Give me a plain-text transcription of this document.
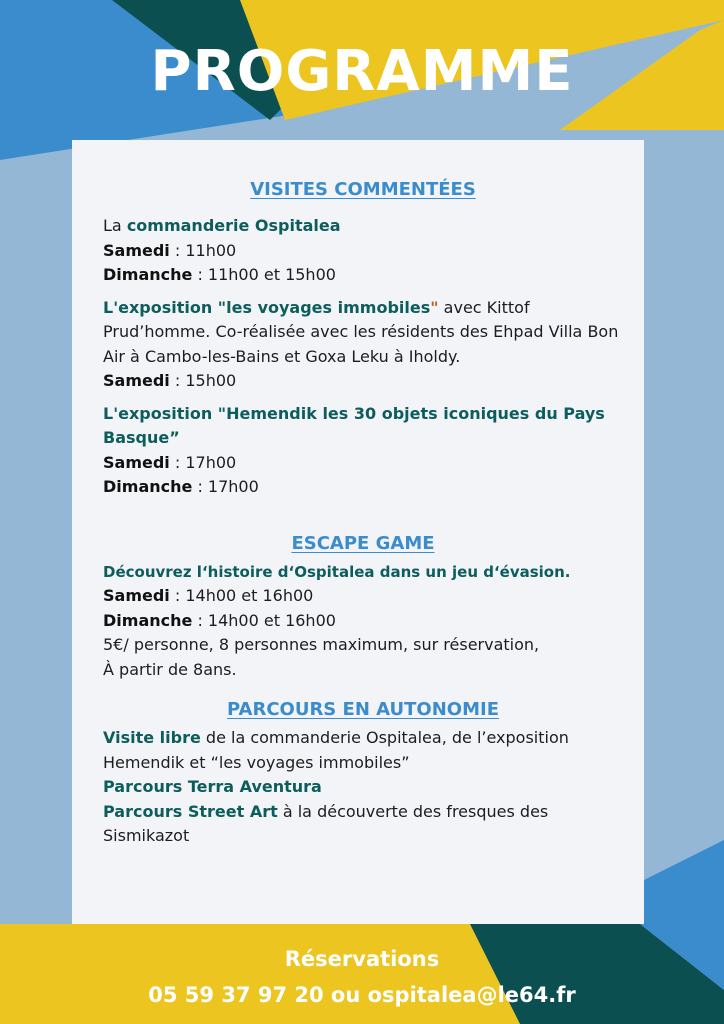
PROGRAMME
VISITES COMMENTÉES

La commanderie Ospitalea

Samedi : 11h00

Dimanche : 11h00 et 15h00

L'exposition "les voyages immobiles" avec Kittof Prud’homme. Co-réalisée avec les résidents des Ehpad Villa Bon Air à Cambo-les-Bains et Goxa Leku à Iholdy.

Samedi : 15h00

L'exposition "Hemendik les 30 objets iconiques du Pays Basque”

Samedi : 17h00

Dimanche : 17h00

ESCAPE GAME

Découvrez l‘histoire d‘Ospitalea dans un jeu d‘évasion.

Samedi : 14h00 et 16h00

Dimanche : 14h00 et 16h00

5€/ personne, 8 personnes maximum, sur réservation,

À partir de 8ans.

PARCOURS EN AUTONOMIE

Visite libre de la commanderie Ospitalea, de l’exposition Hemendik et “les voyages immobiles”

Parcours Terra Aventura

Parcours Street Art à la découverte des fresques des Sismikazot

Réservations
05 59 37 97 20 ou ospitalea@le64.fr
